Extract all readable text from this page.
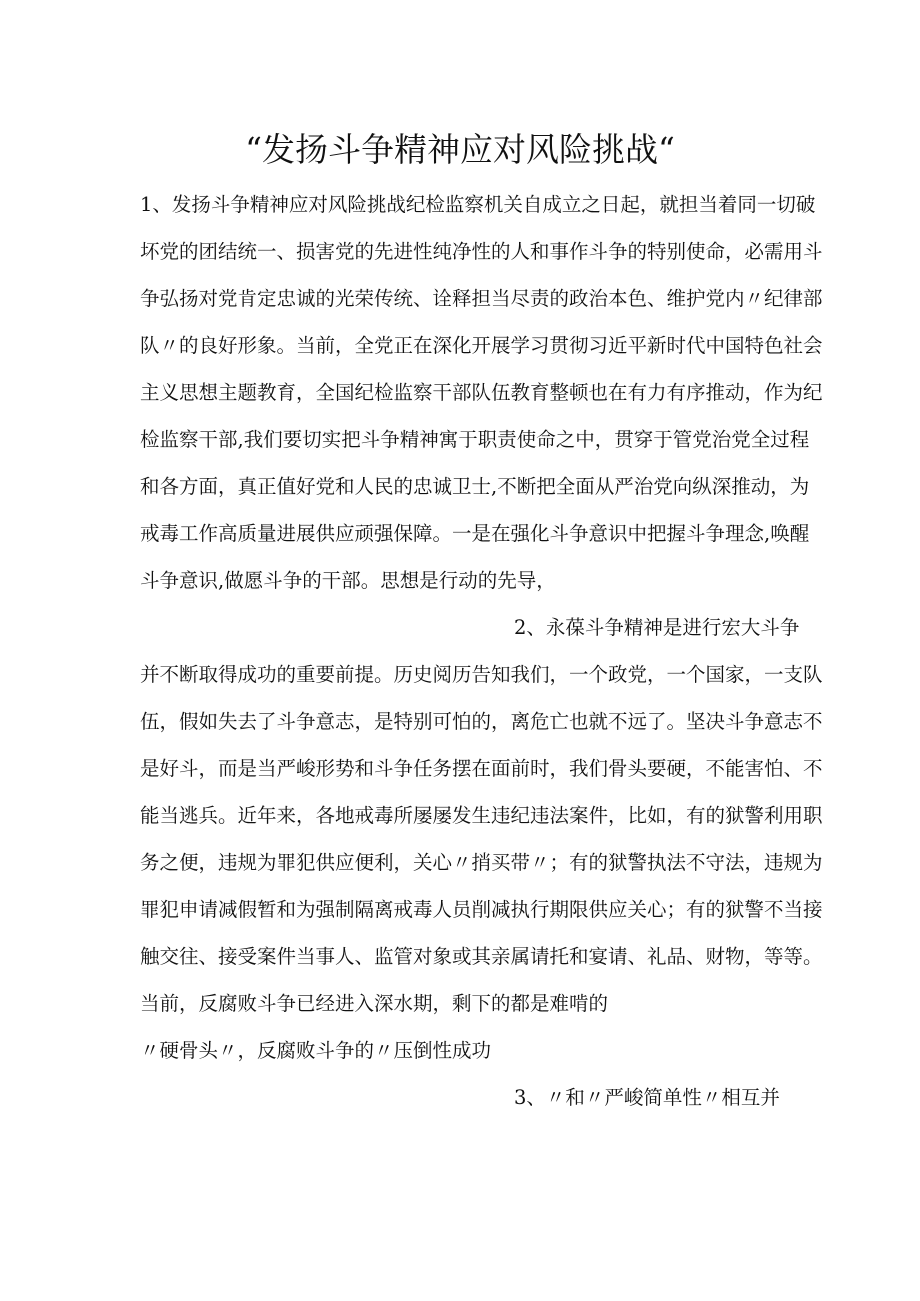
“发扬斗争精神应对风险挑战“
1、发扬斗争精神应对风险挑战纪检监察机关自成立之日起，就担当着同一切破
坏党的团结统一、损害党的先进性纯净性的人和事作斗争的特别使命，必需用斗
争弘扬对党肯定忠诚的光荣传统、诠释担当尽责的政治本色、维护党内〃纪律部
队〃的良好形象。当前，全党正在深化开展学习贯彻习近平新时代中国特色社会
主义思想主题教育，全国纪检监察干部队伍教育整顿也在有力有序推动，作为纪
检监察干部,我们要切实把斗争精神寓于职责使命之中，贯穿于管党治党全过程
和各方面，真正值好党和人民的忠诚卫士,不断把全面从严治党向纵深推动，为
戒毒工作高质量进展供应顽强保障。一是在强化斗争意识中把握斗争理念,唤醒
斗争意识,做愿斗争的干部。思想是行动的先导，
2、永葆斗争精神是进行宏大斗争
并不断取得成功的重要前提。历史阅历告知我们，一个政党，一个国家，一支队
伍，假如失去了斗争意志，是特别可怕的，离危亡也就不远了。坚决斗争意志不
是好斗，而是当严峻形势和斗争任务摆在面前时，我们骨头要硬，不能害怕、不
能当逃兵。近年来，各地戒毒所屡屡发生违纪违法案件，比如，有的狱警利用职
务之便，违规为罪犯供应便利，关心〃捎买带〃；有的狱警执法不守法，违规为
罪犯申请减假暂和为强制隔离戒毒人员削减执行期限供应关心；有的狱警不当接
触交往、接受案件当事人、监管对象或其亲属请托和宴请、礼品、财物，等等。
当前，反腐败斗争已经进入深水期，剩下的都是难啃的
〃硬骨头〃，反腐败斗争的〃压倒性成功
3、〃和〃严峻简单性〃相互并
